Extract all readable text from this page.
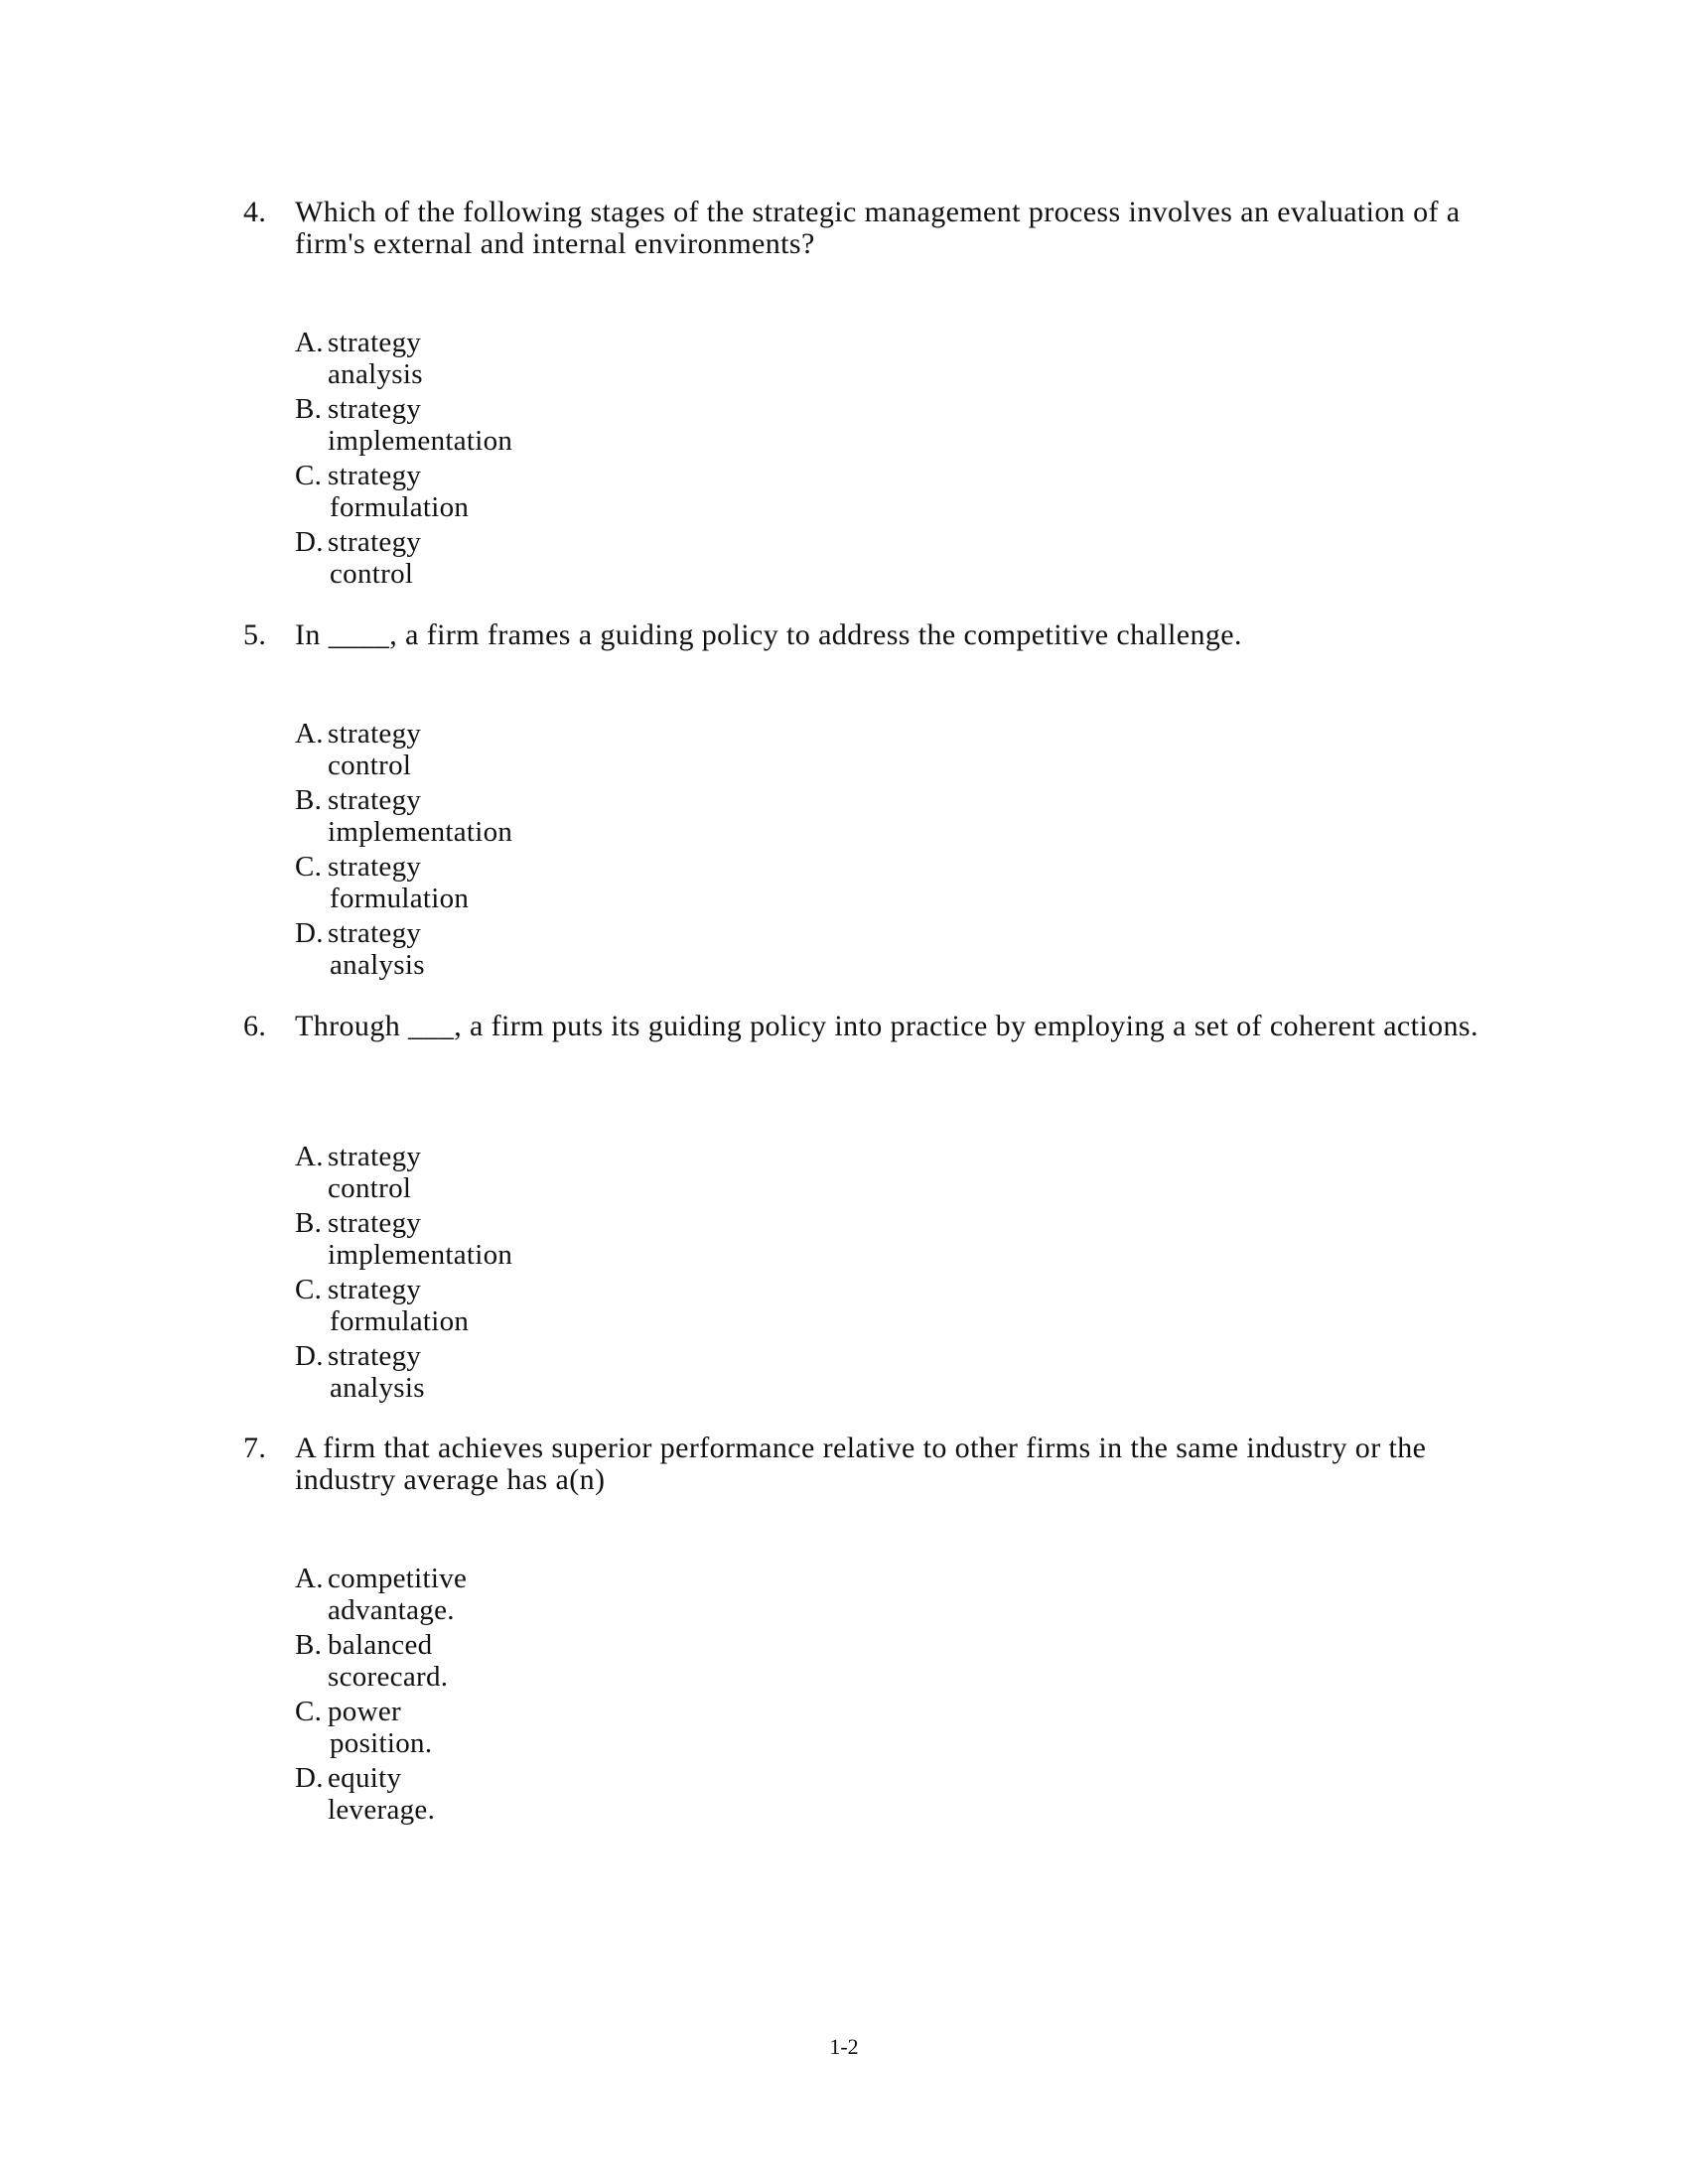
4. Which of the following stages of the strategic management process involves an evaluation of a firm's external and internal environments?
A. strategy
analysis
B. strategy
implementation
C. strategy
formulation
D. strategy
control
5. In ____, a firm frames a guiding policy to address the competitive challenge.
A. strategy
control
B. strategy
implementation
C. strategy
formulation
D. strategy
analysis
6. Through ___, a firm puts its guiding policy into practice by employing a set of coherent actions.
A. strategy
control
B. strategy
implementation
C. strategy
formulation
D. strategy
analysis
7. A firm that achieves superior performance relative to other firms in the same industry or the industry average has a(n)
A. competitive
advantage.
B. balanced
scorecard.
C. power
position.
D. equity
leverage.
1-2
